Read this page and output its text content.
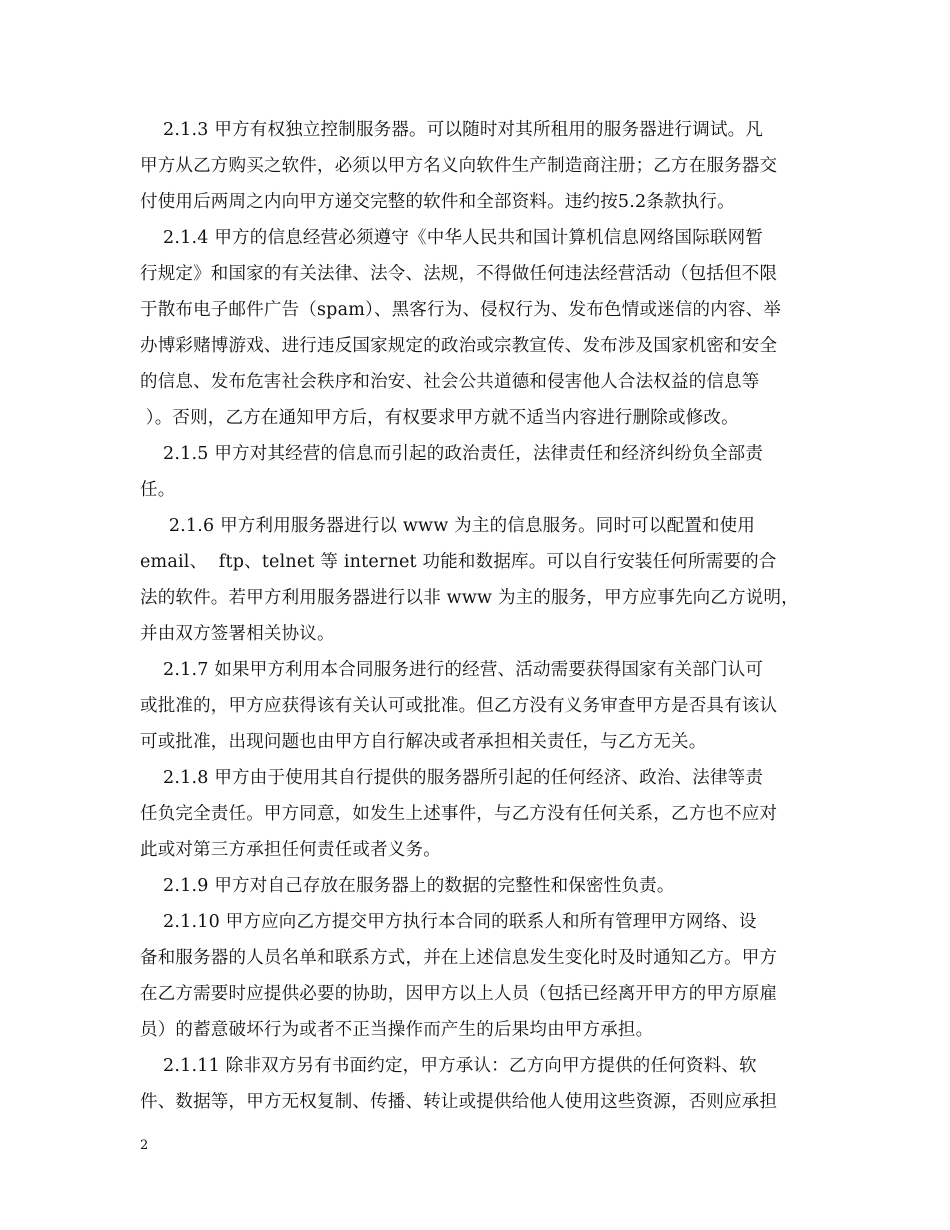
2.1.3 甲方有权独立控制服务器。可以随时对其所租用的服务器进行调试。凡
甲方从乙方购买之软件，必须以甲方名义向软件生产制造商注册；乙方在服务器交
付使用后两周之内向甲方递交完整的软件和全部资料。违约按5.2条款执行。
2.1.4 甲方的信息经营必须遵守《中华人民共和国计算机信息网络国际联网暂
行规定》和国家的有关法律、法令、法规，不得做任何违法经营活动（包括但不限
于散布电子邮件广告（spam）、黑客行为、侵权行为、发布色情或迷信的内容、举
办博彩赌博游戏、进行违反国家规定的政治或宗教宣传、发布涉及国家机密和安全
的信息、发布危害社会秩序和治安、社会公共道德和侵害他人合法权益的信息等
）。否则，乙方在通知甲方后，有权要求甲方就不适当内容进行删除或修改。
2.1.5 甲方对其经营的信息而引起的政治责任，法律责任和经济纠纷负全部责
任。
2.1.6 甲方利用服务器进行以 www 为主的信息服务。同时可以配置和使用
email、  ftp、telnet 等 internet 功能和数据库。可以自行安装任何所需要的合
法的软件。若甲方利用服务器进行以非 www 为主的服务，甲方应事先向乙方说明，
并由双方签署相关协议。
2.1.7 如果甲方利用本合同服务进行的经营、活动需要获得国家有关部门认可
或批准的，甲方应获得该有关认可或批准。但乙方没有义务审查甲方是否具有该认
可或批准，出现问题也由甲方自行解决或者承担相关责任，与乙方无关。
2.1.8 甲方由于使用其自行提供的服务器所引起的任何经济、政治、法律等责
任负完全责任。甲方同意，如发生上述事件，与乙方没有任何关系，乙方也不应对
此或对第三方承担任何责任或者义务。
2.1.9 甲方对自己存放在服务器上的数据的完整性和保密性负责。
2.1.10 甲方应向乙方提交甲方执行本合同的联系人和所有管理甲方网络、设
备和服务器的人员名单和联系方式，并在上述信息发生变化时及时通知乙方。甲方
在乙方需要时应提供必要的协助，因甲方以上人员（包括已经离开甲方的甲方原雇
员）的蓄意破坏行为或者不正当操作而产生的后果均由甲方承担。
2.1.11 除非双方另有书面约定，甲方承认：乙方向甲方提供的任何资料、软
件、数据等，甲方无权复制、传播、转让或提供给他人使用这些资源，否则应承担
2
